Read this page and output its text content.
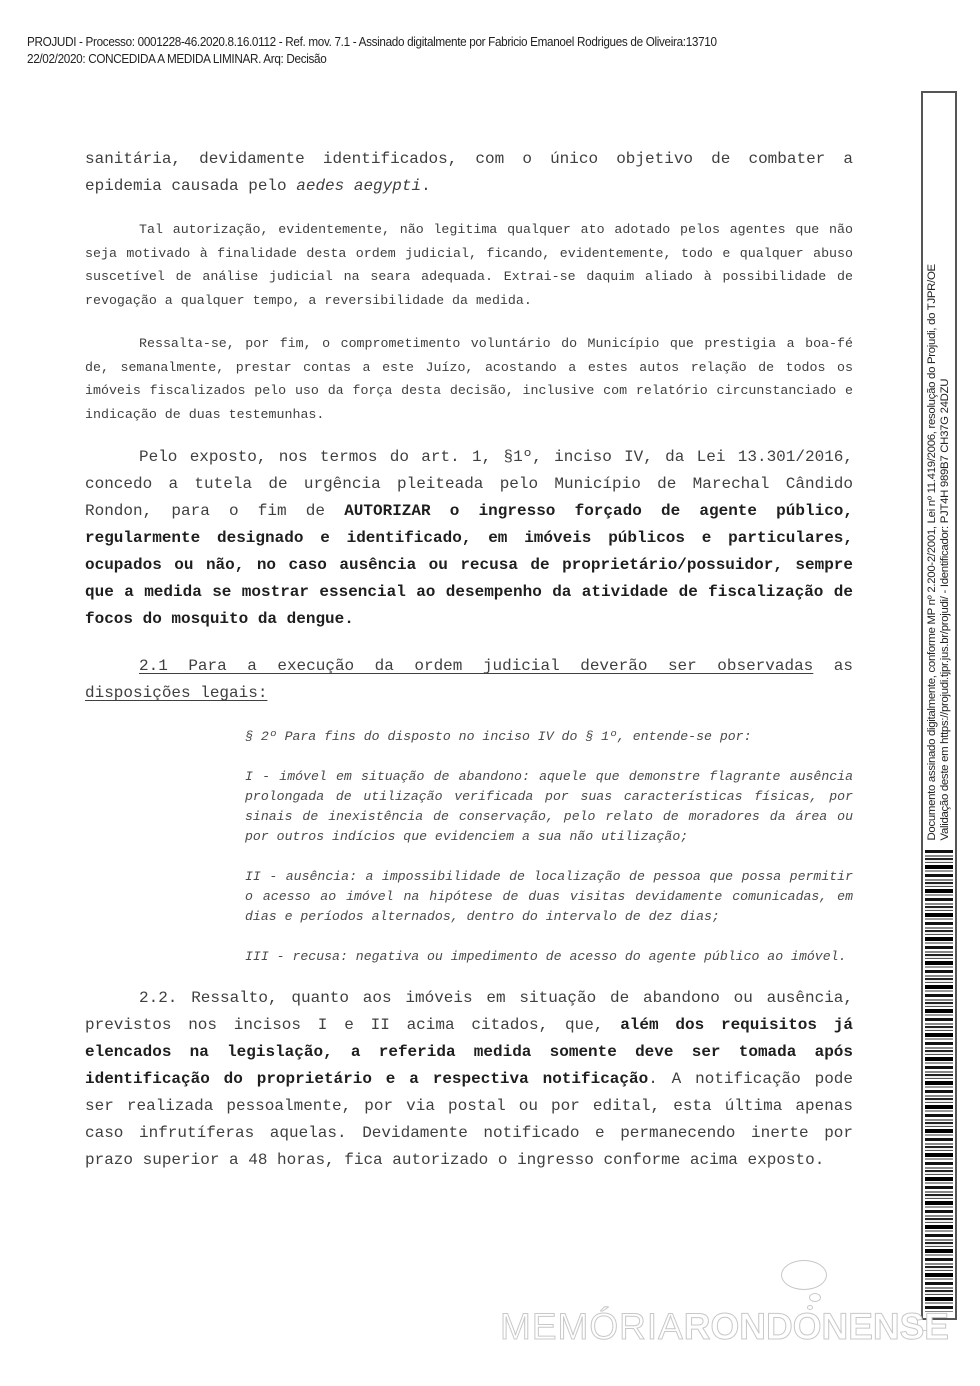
PROJUDI - Processo: 0001228-46.2020.8.16.0112 - Ref. mov. 7.1 - Assinado digitalmente por Fabricio Emanoel Rodrigues de Oliveira:13710
22/02/2020: CONCEDIDA A MEDIDA LIMINAR. Arq: Decisão

sanitária, devidamente identificados, com o único objetivo de combater a epidemia causada pelo aedes aegypti.

Tal autorização, evidentemente, não legitima qualquer ato adotado pelos agentes que não seja motivado à finalidade desta ordem judicial, ficando, evidentemente, todo e qualquer abuso suscetível de análise judicial na seara adequada. Extrai-se daquim aliado à possibilidade de revogação a qualquer tempo, a reversibilidade da medida.

Ressalta-se, por fim, o comprometimento voluntário do Município que prestigia a boa-fé de, semanalmente, prestar contas a este Juízo, acostando a estes autos relação de todos os imóveis fiscalizados pelo uso da força desta decisão, inclusive com relatório circunstanciado e indicação de duas testemunhas.

Pelo exposto, nos termos do art. 1, §1º, inciso IV, da Lei 13.301/2016, concedo a tutela de urgência pleiteada pelo Município de Marechal Cândido Rondon, para o fim de AUTORIZAR o ingresso forçado de agente público, regularmente designado e identificado, em imóveis públicos e particulares, ocupados ou não, no caso ausência ou recusa de proprietário/possuidor, sempre que a medida se mostrar essencial ao desempenho da atividade de fiscalização de focos do mosquito da dengue.

2.1 Para a execução da ordem judicial deverão ser observadas as disposições legais:

§ 2º Para fins do disposto no inciso IV do § 1º, entende-se por:

I - imóvel em situação de abandono: aquele que demonstre flagrante ausência prolongada de utilização verificada por suas características físicas, por sinais de inexistência de conservação, pelo relato de moradores da área ou por outros indícios que evidenciem a sua não utilização;

II - ausência: a impossibilidade de localização de pessoa que possa permitir o acesso ao imóvel na hipótese de duas visitas devidamente comunicadas, em dias e períodos alternados, dentro do intervalo de dez dias;

III - recusa: negativa ou impedimento de acesso do agente público ao imóvel.

2.2. Ressalto, quanto aos imóveis em situação de abandono ou ausência, previstos nos incisos I e II acima citados, que, além dos requisitos já elencados na legislação, a referida medida somente deve ser tomada após identificação do proprietário e a respectiva notificação. A notificação pode ser realizada pessoalmente, por via postal ou por edital, esta última apenas caso infrutíferas aquelas. Devidamente notificado e permanecendo inerte por prazo superior a 48 horas, fica autorizado o ingresso conforme acima exposto.

Documento assinado digitalmente, conforme MP nº 2.200-2/2001, Lei nº 11.419/2006, resolução do Projudi, do TJPR/OE Validação deste em https://projudi.tjpr.jus.br/projudi/ - Identificador: PJT4H 989B7 CH37G 24DZU
MEMÓRIARONDONENSE
